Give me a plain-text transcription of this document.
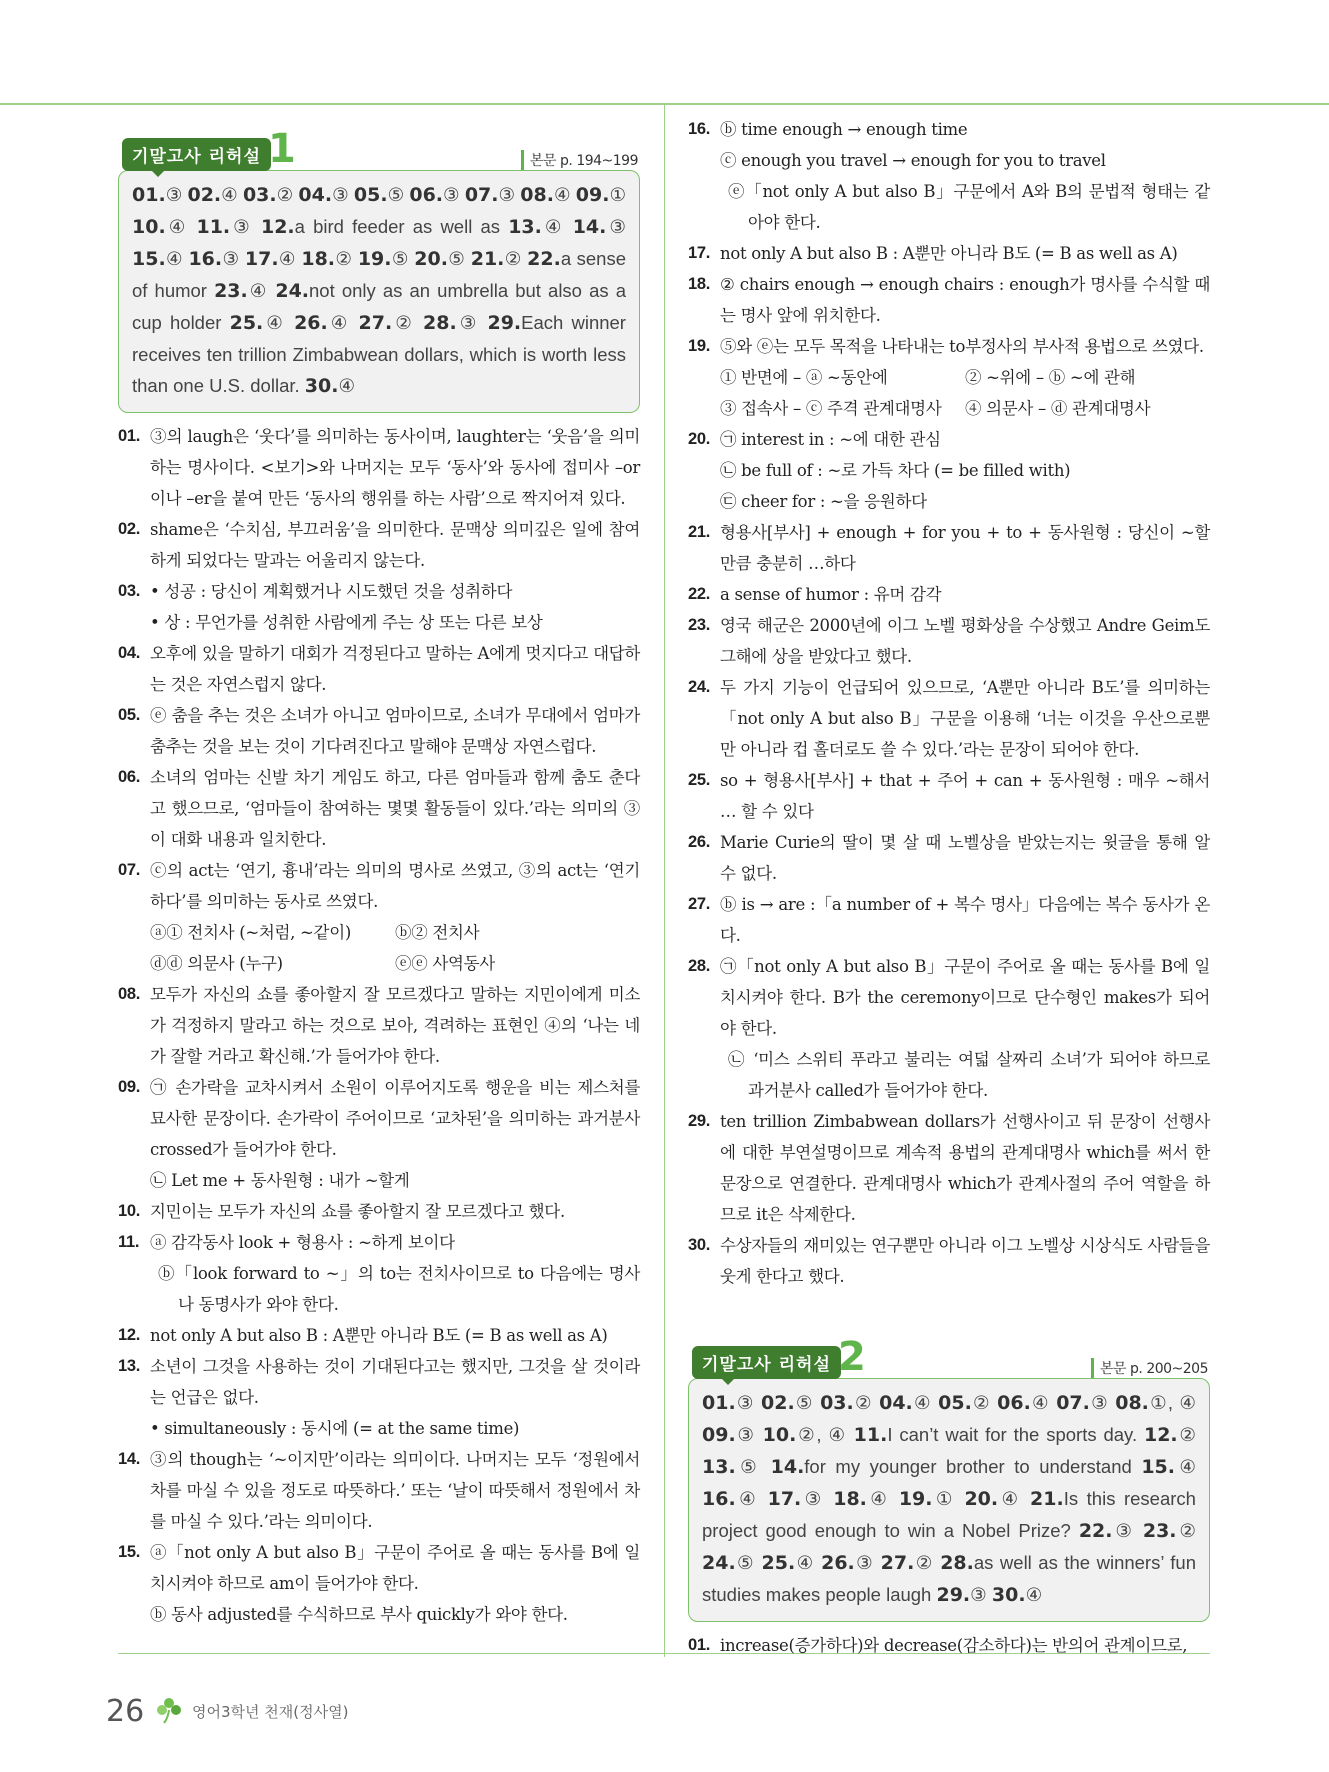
기말고사 리허설 1	본문 p. 194~199
01.③ 02.④ 03.② 04.③ 05.⑤ 06.③ 07.③ 08.④ 09.① 10.④ 11.③ 12.a bird feeder as well as 13.④ 14.③ 15.④ 16.③ 17.④ 18.② 19.⑤ 20.⑤ 21.② 22.a sense of humor 23.④ 24.not only as an umbrella but also as a cup holder 25.④ 26.④ 27.② 28.③ 29.Each winner receives ten trillion Zimbabwean dollars, which is worth less than one U.S. dollar. 30.④
01. ③의 laugh은 ‘웃다’를 의미하는 동사이며, laughter는 ‘웃음’을 의미하는 명사이다. <보기>와 나머지는 모두 ‘동사’와 동사에 접미사 –or이나 –er을 붙여 만든 ‘동사의 행위를 하는 사람’으로 짝지어져 있다.
02. shame은 ‘수치심, 부끄러움’을 의미한다. 문맥상 의미깊은 일에 참여하게 되었다는 말과는 어울리지 않는다.
03. • 성공 : 당신이 계획했거나 시도했던 것을 성취하다
• 상 : 무언가를 성취한 사람에게 주는 상 또는 다른 보상
04. 오후에 있을 말하기 대회가 걱정된다고 말하는 A에게 멋지다고 대답하는 것은 자연스럽지 않다.
05. ⓔ 춤을 추는 것은 소녀가 아니고 엄마이므로, 소녀가 무대에서 엄마가 춤추는 것을 보는 것이 기다려진다고 말해야 문맥상 자연스럽다.
06. 소녀의 엄마는 신발 차기 게임도 하고, 다른 엄마들과 함께 춤도 춘다고 했으므로, ‘엄마들이 참여하는 몇몇 활동들이 있다.’라는 의미의 ③이 대화 내용과 일치한다.
07. ⓒ의 act는 ‘연기, 흉내’라는 의미의 명사로 쓰였고, ③의 act는 ‘연기하다’를 의미하는 동사로 쓰였다.
ⓐ① 전치사 (~처럼, ~같이)	ⓑ② 전치사
ⓓⓓ 의문사 (누구)	ⓔⓔ 사역동사
08. 모두가 자신의 쇼를 좋아할지 잘 모르겠다고 말하는 지민이에게 미소가 걱정하지 말라고 하는 것으로 보아, 격려하는 표현인 ④의 ‘나는 네가 잘할 거라고 확신해.’가 들어가야 한다.
09. ㉠ 손가락을 교차시켜서 소원이 이루어지도록 행운을 비는 제스처를 묘사한 문장이다. 손가락이 주어이므로 ‘교차된’을 의미하는 과거분사 crossed가 들어가야 한다.
㉡ Let me + 동사원형 : 내가 ~할게
10. 지민이는 모두가 자신의 쇼를 좋아할지 잘 모르겠다고 했다.
11. ⓐ 감각동사 look + 형용사 : ~하게 보이다
ⓑ「look forward to ~」의 to는 전치사이므로 to 다음에는 명사나 동명사가 와야 한다.
12. not only A but also B : A뿐만 아니라 B도 (= B as well as A)
13. 소년이 그것을 사용하는 것이 기대된다고는 했지만, 그것을 살 것이라는 언급은 없다.
• simultaneously : 동시에 (= at the same time)
14. ③의 though는 ‘~이지만’이라는 의미이다. 나머지는 모두 ‘정원에서 차를 마실 수 있을 정도로 따뜻하다.’ 또는 ‘날이 따뜻해서 정원에서 차를 마실 수 있다.’라는 의미이다.
15. ⓐ「not only A but also B」구문이 주어로 올 때는 동사를 B에 일치시켜야 하므로 am이 들어가야 한다.
ⓑ 동사 adjusted를 수식하므로 부사 quickly가 와야 한다.
16. ⓑ time enough → enough time
ⓒ enough you travel → enough for you to travel
ⓔ「not only A but also B」구문에서 A와 B의 문법적 형태는 같아야 한다.
17. not only A but also B : A뿐만 아니라 B도 (= B as well as A)
18. ② chairs enough → enough chairs : enough가 명사를 수식할 때는 명사 앞에 위치한다.
19. ⑤와 ⓔ는 모두 목적을 나타내는 to부정사의 부사적 용법으로 쓰였다.
① 반면에 – ⓐ ~동안에	② ~위에 – ⓑ ~에 관해
③ 접속사 – ⓒ 주격 관계대명사	④ 의문사 – ⓓ 관계대명사
20. ㉠ interest in : ~에 대한 관심
㉡ be full of : ~로 가득 차다 (= be filled with)
㉢ cheer for : ~을 응원하다
21. 형용사[부사] + enough + for you + to + 동사원형 : 당신이 ~할 만큼 충분히 …하다
22. a sense of humor : 유머 감각
23. 영국 해군은 2000년에 이그 노벨 평화상을 수상했고 Andre Geim도 그해에 상을 받았다고 했다.
24. 두 가지 기능이 언급되어 있으므로, ‘A뿐만 아니라 B도’를 의미하는「not only A but also B」구문을 이용해 ‘너는 이것을 우산으로뿐만 아니라 컵 홀더로도 쓸 수 있다.’라는 문장이 되어야 한다.
25. so + 형용사[부사] + that + 주어 + can + 동사원형 : 매우 ~해서 … 할 수 있다
26. Marie Curie의 딸이 몇 살 때 노벨상을 받았는지는 윗글을 통해 알 수 없다.
27. ⓑ is → are :「a number of + 복수 명사」다음에는 복수 동사가 온다.
28. ㉠「not only A but also B」구문이 주어로 올 때는 동사를 B에 일치시켜야 한다. B가 the ceremony이므로 단수형인 makes가 되어야 한다.
㉡ ‘미스 스위티 푸라고 불리는 여덟 살짜리 소녀’가 되어야 하므로 과거분사 called가 들어가야 한다.
29. ten trillion Zimbabwean dollars가 선행사이고 뒤 문장이 선행사에 대한 부연설명이므로 계속적 용법의 관계대명사 which를 써서 한 문장으로 연결한다. 관계대명사 which가 관계사절의 주어 역할을 하므로 it은 삭제한다.
30. 수상자들의 재미있는 연구뿐만 아니라 이그 노벨상 시상식도 사람들을 웃게 한다고 했다.
기말고사 리허설 2	본문 p. 200~205
01.③ 02.⑤ 03.② 04.④ 05.② 06.④ 07.③ 08.①, ④ 09.③ 10.②, ④ 11.I can’t wait for the sports day. 12.② 13.⑤ 14.for my younger brother to understand 15.④ 16.④ 17.③ 18.④ 19.① 20.④ 21.Is this research project good enough to win a Nobel Prize? 22.③ 23.② 24.⑤ 25.④ 26.③ 27.② 28.as well as the winners’ fun studies makes people laugh 29.③ 30.④
01. increase(증가하다)와 decrease(감소하다)는 반의어 관계이므로,
26	영어3학년 천재(정사열)
